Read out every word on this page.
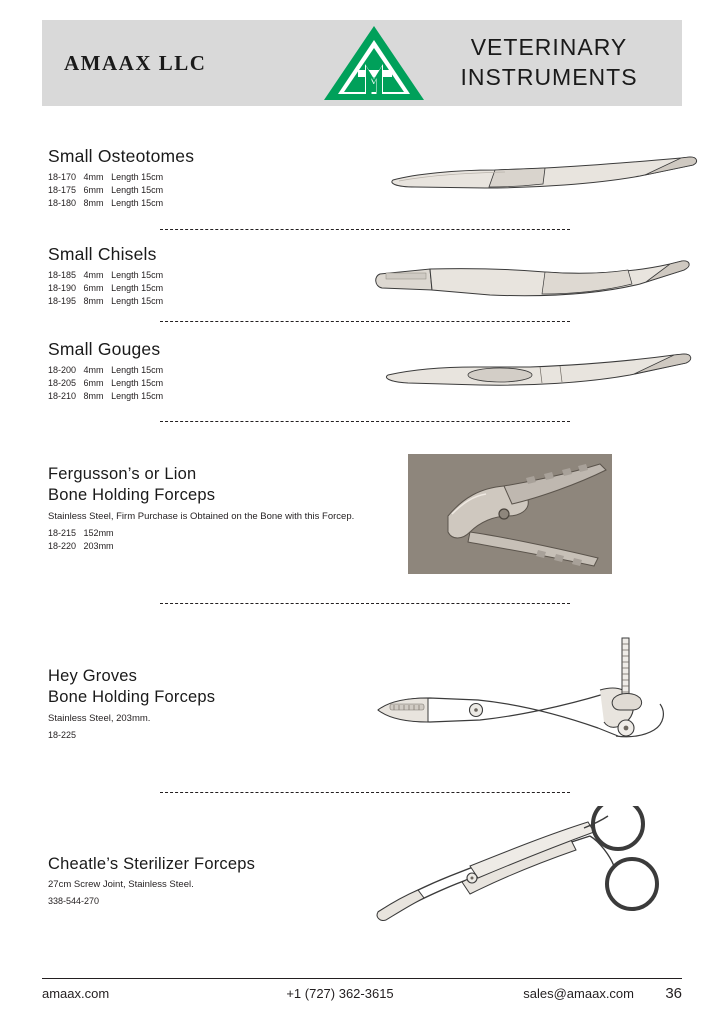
AMAAX LLC
VETERINARY
INSTRUMENTS
Small Osteotomes
18-170 4mm Length 15cm
18-175 6mm Length 15cm
18-180 8mm Length 15cm
Small Chisels
18-185 4mm Length 15cm
18-190 6mm Length 15cm
18-195 8mm Length 15cm
Small Gouges
18-200 4mm Length 15cm
18-205 6mm Length 15cm
18-210 8mm Length 15cm
Fergusson’s or Lion
Bone Holding Forceps
Stainless Steel, Firm Purchase is Obtained on the Bone with this Forcep.
18-215 152mm
18-220 203mm
Hey Groves
Bone Holding Forceps
Stainless Steel, 203mm.
18-225
Cheatle’s Sterilizer Forceps
27cm Screw Joint, Stainless Steel.
338-544-270
amaax.com	+1 (727) 362-3615	sales@amaax.com	36
